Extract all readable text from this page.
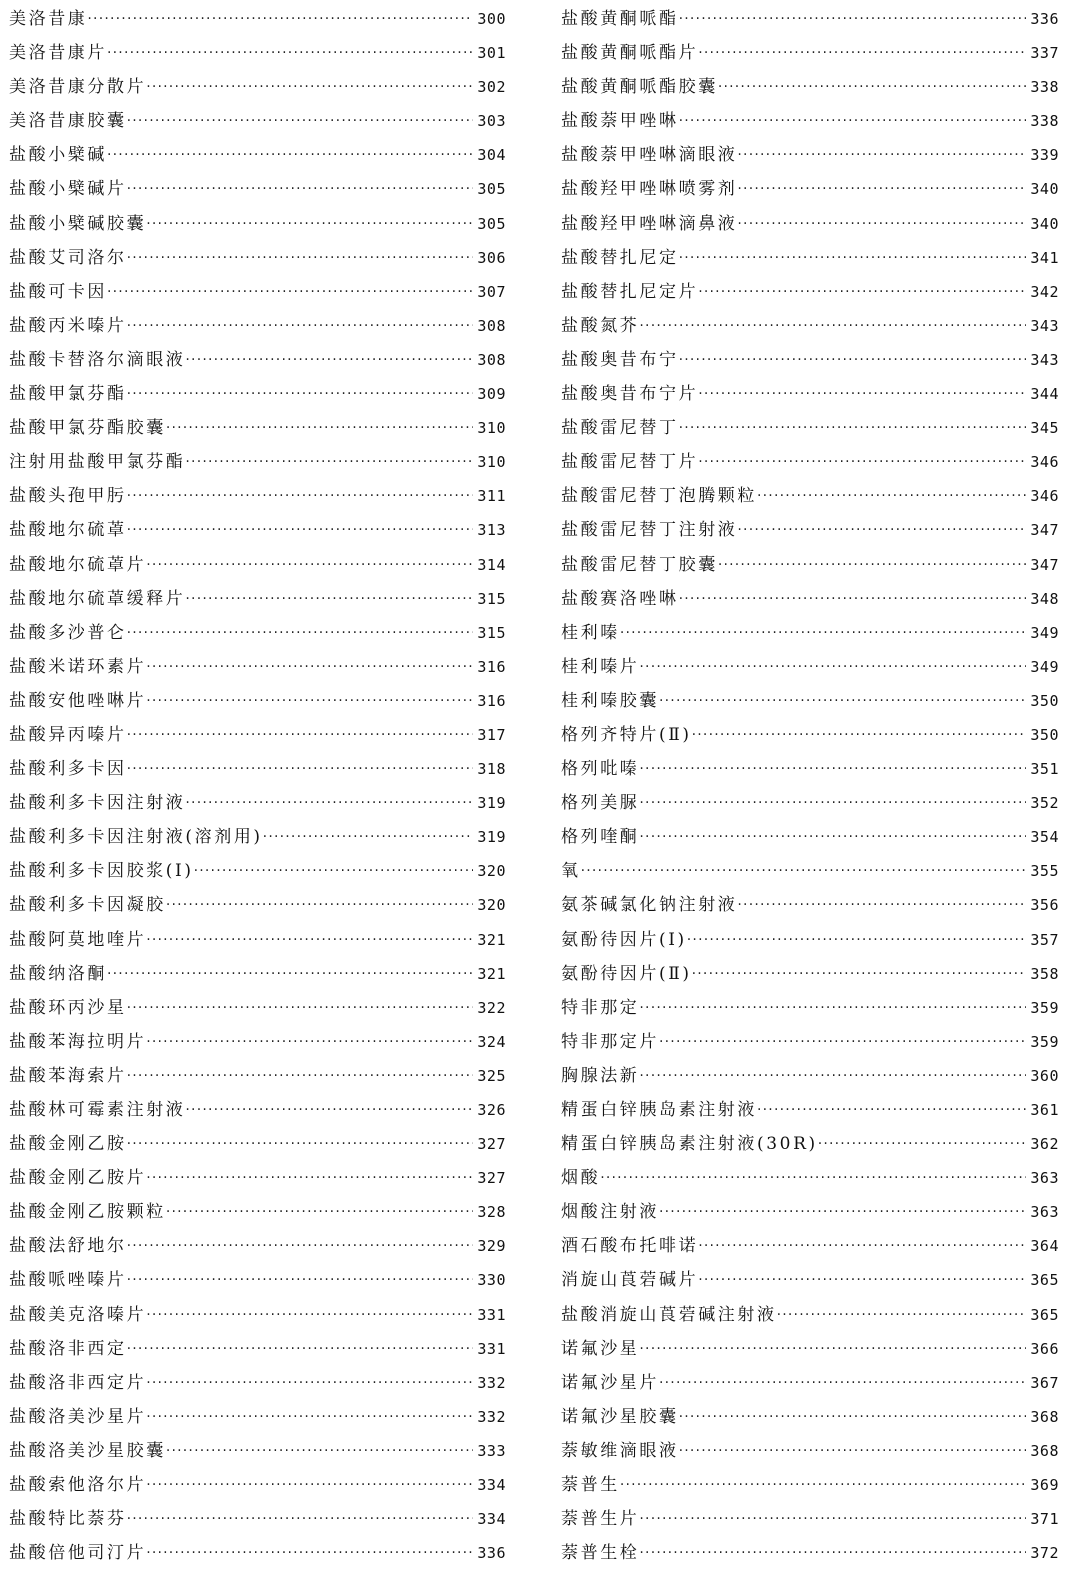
美洛昔康 ·····	300
美洛昔康片 ·····	301
美洛昔康分散片 ·····	302
美洛昔康胶囊 ·····	303
盐酸小檗碱 ·····	304
盐酸小檗碱片 ·····	305
盐酸小檗碱胶囊 ·····	305
盐酸艾司洛尔 ·····	306
盐酸可卡因 ·····	307
盐酸丙米嗪片 ·····	308
盐酸卡替洛尔滴眼液 ·····	308
盐酸甲氯芬酯 ·····	309
盐酸甲氯芬酯胶囊 ·····	310
注射用盐酸甲氯芬酯 ·····	310
盐酸头孢甲肟 ·····	311
盐酸地尔硫䓬 ·····	313
盐酸地尔硫䓬片 ·····	314
盐酸地尔硫䓬缓释片 ·····	315
盐酸多沙普仑 ·····	315
盐酸米诺环素片 ·····	316
盐酸安他唑啉片 ·····	316
盐酸异丙嗪片 ·····	317
盐酸利多卡因 ·····	318
盐酸利多卡因注射液 ·····	319
盐酸利多卡因注射液(溶剂用) ·····	319
盐酸利多卡因胶浆(Ⅰ) ·····	320
盐酸利多卡因凝胶 ·····	320
盐酸阿莫地喹片 ·····	321
盐酸纳洛酮 ·····	321
盐酸环丙沙星 ·····	322
盐酸苯海拉明片 ·····	324
盐酸苯海索片 ·····	325
盐酸林可霉素注射液 ·····	326
盐酸金刚乙胺 ·····	327
盐酸金刚乙胺片 ·····	327
盐酸金刚乙胺颗粒 ·····	328
盐酸法舒地尔 ·····	329
盐酸哌唑嗪片 ·····	330
盐酸美克洛嗪片 ·····	331
盐酸洛非西定 ·····	331
盐酸洛非西定片 ·····	332
盐酸洛美沙星片 ·····	332
盐酸洛美沙星胶囊 ·····	333
盐酸索他洛尔片 ·····	334
盐酸特比萘芬 ·····	334
盐酸倍他司汀片 ·····	336
盐酸黄酮哌酯 ·····	336
盐酸黄酮哌酯片 ·····	337
盐酸黄酮哌酯胶囊 ·····	338
盐酸萘甲唑啉 ·····	338
盐酸萘甲唑啉滴眼液 ·····	339
盐酸羟甲唑啉喷雾剂 ·····	340
盐酸羟甲唑啉滴鼻液 ·····	340
盐酸替扎尼定 ·····	341
盐酸替扎尼定片 ·····	342
盐酸氮芥 ·····	343
盐酸奥昔布宁 ·····	343
盐酸奥昔布宁片 ·····	344
盐酸雷尼替丁 ·····	345
盐酸雷尼替丁片 ·····	346
盐酸雷尼替丁泡腾颗粒 ·····	346
盐酸雷尼替丁注射液 ·····	347
盐酸雷尼替丁胶囊 ·····	347
盐酸赛洛唑啉 ·····	348
桂利嗪 ·····	349
桂利嗪片 ·····	349
桂利嗪胶囊 ·····	350
格列齐特片(Ⅱ) ·····	350
格列吡嗪 ·····	351
格列美脲 ·····	352
格列喹酮 ·····	354
氧 ·····	355
氨茶碱氯化钠注射液 ·····	356
氨酚待因片(Ⅰ) ·····	357
氨酚待因片(Ⅱ) ·····	358
特非那定 ·····	359
特非那定片 ·····	359
胸腺法新 ·····	360
精蛋白锌胰岛素注射液 ·····	361
精蛋白锌胰岛素注射液(30R) ·····	362
烟酸 ·····	363
烟酸注射液 ·····	363
酒石酸布托啡诺 ·····	364
消旋山莨菪碱片 ·····	365
盐酸消旋山莨菪碱注射液 ·····	365
诺氟沙星 ·····	366
诺氟沙星片 ·····	367
诺氟沙星胶囊 ·····	368
萘敏维滴眼液 ·····	368
萘普生 ·····	369
萘普生片 ·····	371
萘普生栓 ·····	372
